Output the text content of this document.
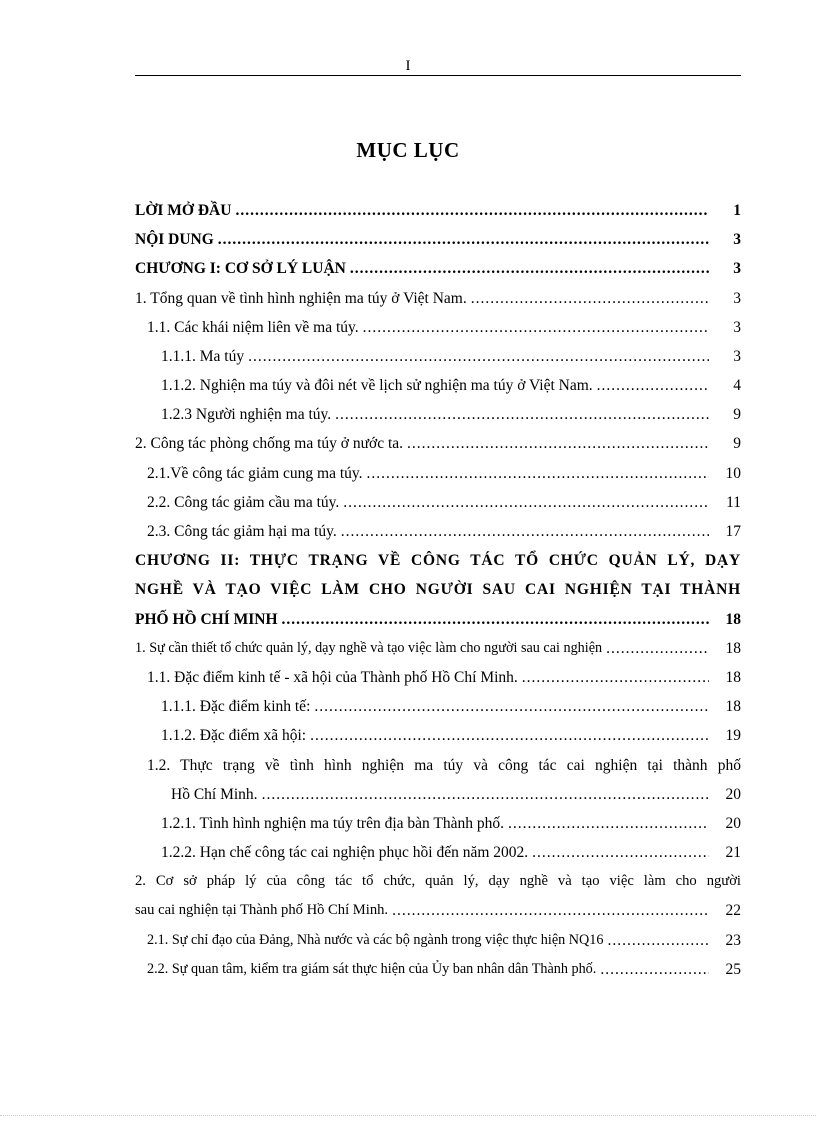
I
MỤC LỤC
LỜI MỞ ĐẦU .....	1
NỘI DUNG .....	3
CHƯƠNG I: CƠ SỞ LÝ LUẬN .....	3
1. Tổng quan về tình hình nghiện ma túy ở Việt Nam. .....	3
1.1. Các khái niệm liên về ma túy. .....	3
1.1.1. Ma túy .....	3
1.1.2. Nghiện ma túy và đôi nét về lịch sử nghiện ma túy ở Việt Nam. .....	4
1.2.3 Người nghiện ma túy. .....	9
2. Công tác phòng chống ma túy ở nước ta. .....	9
2.1.Về công tác giảm cung ma túy. .....	10
2.2. Công tác giảm cầu ma túy. .....	11
2.3. Công tác giảm hại ma túy. .....	17
CHƯƠNG II: THỰC TRẠNG VỀ CÔNG TÁC TỔ CHỨC QUẢN LÝ, DẠY
NGHỀ VÀ TẠO VIỆC LÀM CHO NGƯỜI SAU CAI NGHIỆN TẠI THÀNH
PHỐ HỒ CHÍ MINH .....	18
1. Sự cần thiết tổ chức quản lý, dạy nghề và tạo việc làm cho người sau cai nghiện .....	18
1.1. Đặc điểm kinh tế - xã hội của Thành phố Hồ Chí Minh. .....	18
1.1.1. Đặc điểm kinh tế: .....	18
1.1.2. Đặc điểm xã hội: .....	19
1.2. Thực trạng về tình hình nghiện ma túy và công tác cai nghiện tại thành phố
Hồ Chí Minh. .....	20
1.2.1. Tình hình nghiện ma túy trên địa bàn Thành phố. .....	20
1.2.2. Hạn chế công tác cai nghiện phục hồi đến năm 2002. .....	21
2. Cơ sở pháp lý của công tác tổ chức, quản lý, dạy nghề và tạo việc làm cho người
sau cai nghiện tại Thành phố Hồ Chí Minh. .....	22
2.1. Sự chỉ đạo của Đảng, Nhà nước và các bộ ngành trong việc thực hiện NQ16 .....	23
2.2. Sự quan tâm, kiểm tra giám sát thực hiện của Ủy ban nhân dân Thành phố. .....	25
